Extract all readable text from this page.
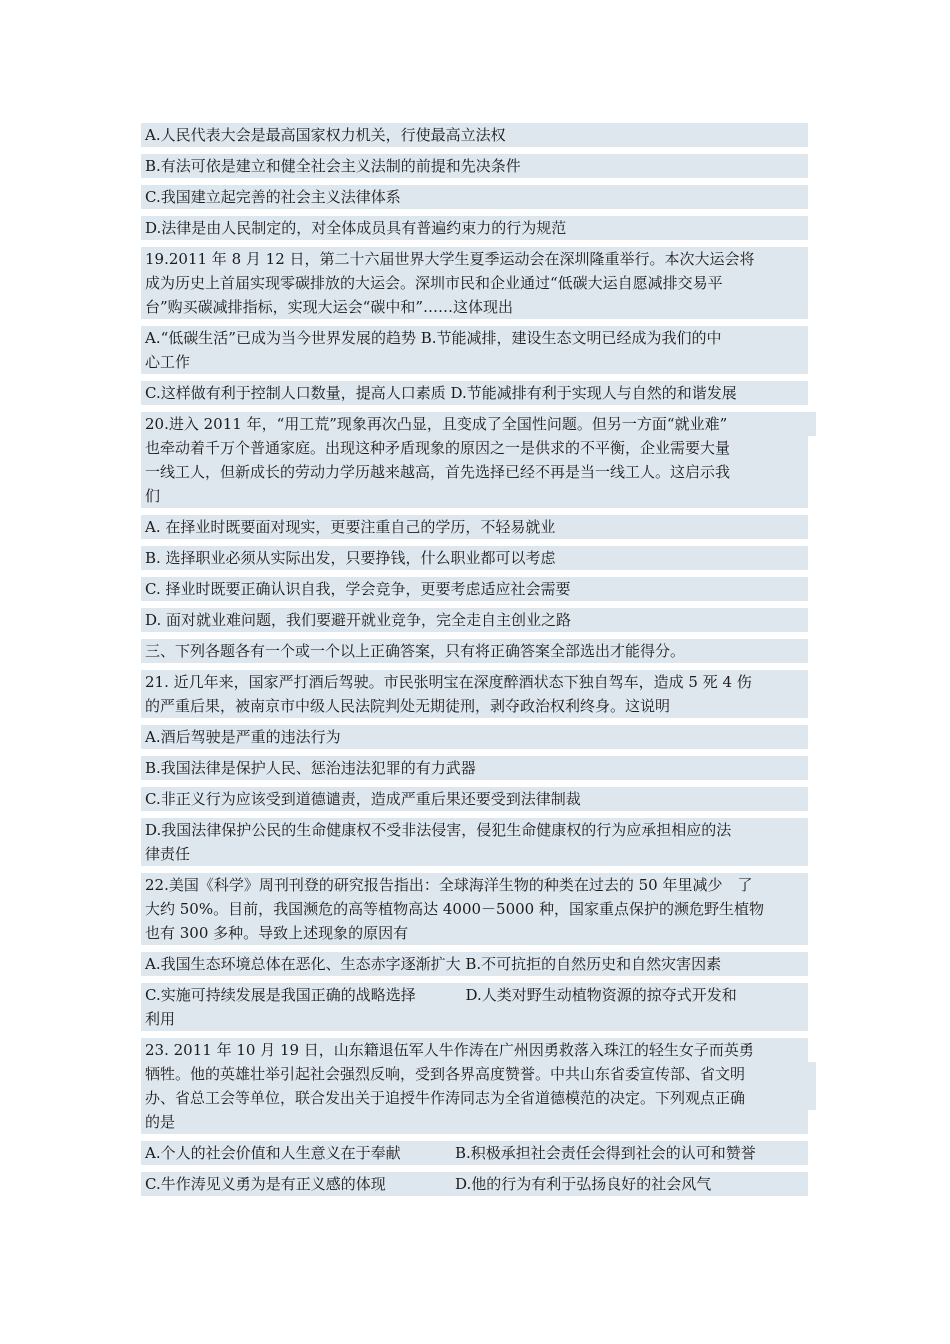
A.人民代表大会是最高国家权力机关，行使最高立法权
B.有法可依是建立和健全社会主义法制的前提和先决条件
C.我国建立起完善的社会主义法律体系
D.法律是由人民制定的，对全体成员具有普遍约束力的行为规范
19.2011 年 8 月 12 日，第二十六届世界大学生夏季运动会在深圳隆重举行。本次大运会将
成为历史上首届实现零碳排放的大运会。深圳市民和企业通过“低碳大运自愿减排交易平
台”购买碳减排指标，实现大运会“碳中和”……这体现出
A.“低碳生活”已成为当今世界发展的趋势 B.节能减排，建设生态文明已经成为我们的中
心工作
C.这样做有利于控制人口数量，提高人口素质 D.节能减排有利于实现人与自然的和谐发展
20.进入 2011 年，“用工荒”现象再次凸显，且变成了全国性问题。但另一方面“就业难”
也牵动着千万个普通家庭。出现这种矛盾现象的原因之一是供求的不平衡，企业需要大量
一线工人，但新成长的劳动力学历越来越高，首先选择已经不再是当一线工人。这启示我
们
A. 在择业时既要面对现实，更要注重自己的学历，不轻易就业
B. 选择职业必须从实际出发，只要挣钱，什么职业都可以考虑
C. 择业时既要正确认识自我，学会竞争，更要考虑适应社会需要
D. 面对就业难问题，我们要避开就业竞争，完全走自主创业之路
三、下列各题各有一个或一个以上正确答案，只有将正确答案全部选出才能得分。
21. 近几年来，国家严打酒后驾驶。市民张明宝在深度醉酒状态下独自驾车，造成 5 死 4 伤
的严重后果，被南京市中级人民法院判处无期徒刑，剥夺政治权利终身。这说明
A.酒后驾驶是严重的违法行为
B.我国法律是保护人民、惩治违法犯罪的有力武器
C.非正义行为应该受到道德谴责，造成严重后果还要受到法律制裁
D.我国法律保护公民的生命健康权不受非法侵害，侵犯生命健康权的行为应承担相应的法
律责任
22.美国《科学》周刊刊登的研究报告指出：全球海洋生物的种类在过去的 50 年里减少　了
大约 50%。目前，我国濒危的高等植物高达 4000－5000 种，国家重点保护的濒危野生植物
也有 300 多种。导致上述现象的原因有
A.我国生态环境总体在恶化、生态赤字逐渐扩大 B.不可抗拒的自然历史和自然灾害因素
C.实施可持续发展是我国正确的战略选择　　　 D.人类对野生动植物资源的掠夺式开发和
利用
23. 2011 年 10 月 19 日，山东籍退伍军人牛作涛在广州因勇救落入珠江的轻生女子而英勇
牺牲。他的英雄壮举引起社会强烈反响，受到各界高度赞誉。中共山东省委宣传部、省文明
办、省总工会等单位，联合发出关于追授牛作涛同志为全省道德模范的决定。下列观点正确
的是
A.个人的社会价值和人生意义在于奉献	B.积极承担社会责任会得到社会的认可和赞誉
C.牛作涛见义勇为是有正义感的体现	D.他的行为有利于弘扬良好的社会风气
